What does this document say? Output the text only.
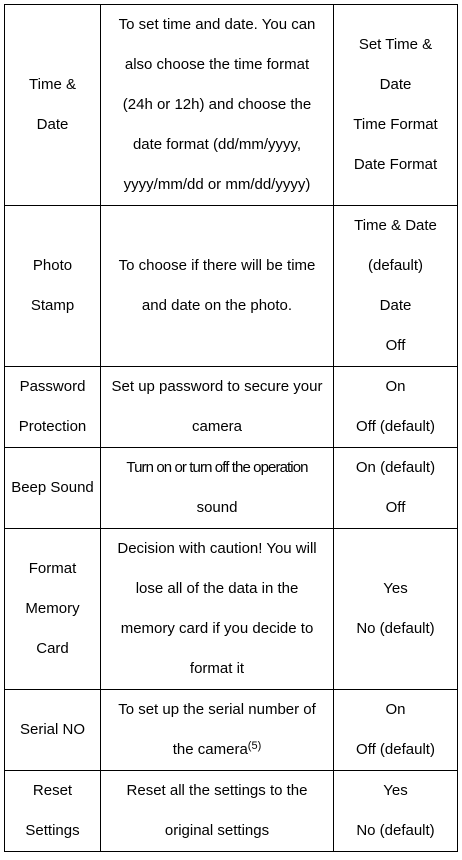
Time &
Date	To set time and date. You can
also choose the time format
(24h or 12h) and choose the
date format (dd/mm/yyyy,
yyyy/mm/dd or mm/dd/yyyy)	Set Time &
Date
Time Format
Date Format

Photo
Stamp	To choose if there will be time
and date on the photo.	Time & Date
(default)
Date
Off

Password
Protection	Set up password to secure your
camera	On
Off (default)

Beep Sound	Turn on or turn off the operation
sound	On (default)
Off

Format
Memory
Card	Decision with caution! You will
lose all of the data in the
memory card if you decide to
format it	Yes
No (default)

Serial NO	To set up the serial number of
the camera$^{(5)}$	On
Off (default)

Reset
Settings	Reset all the settings to the
original settings	Yes
No (default)
